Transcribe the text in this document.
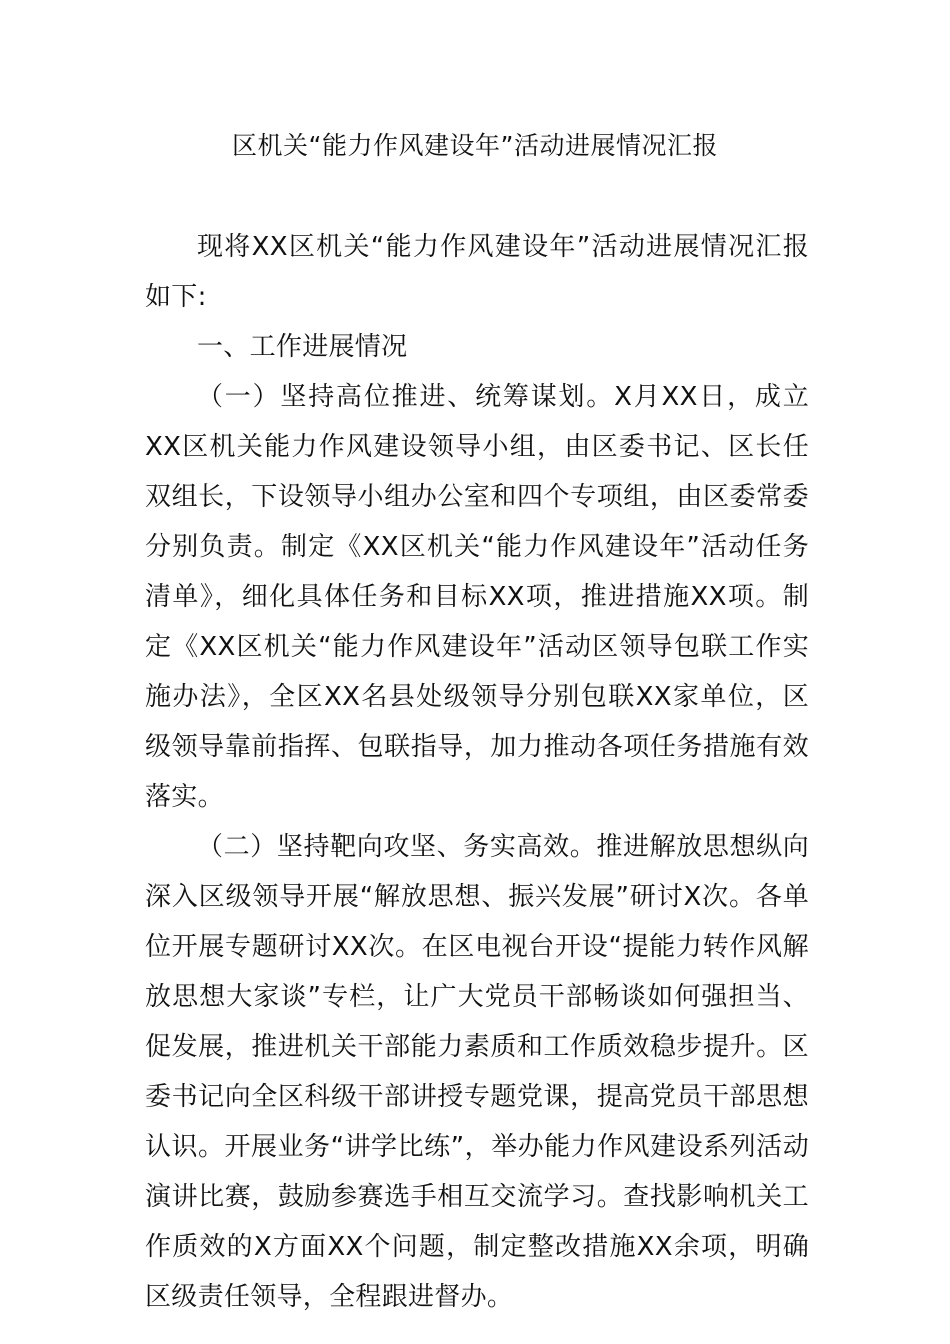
区机关“能力作风建设年”活动进展情况汇报

现将XX区机关“能力作风建设年”活动进展情况汇报如下:

一、工作进展情况

（一）坚持高位推进、统筹谋划。X月XX日，成立XX区机关能力作风建设领导小组，由区委书记、区长任双组长，下设领导小组办公室和四个专项组，由区委常委分别负责。制定《XX区机关“能力作风建设年”活动任务清单》，细化具体任务和目标XX项，推进措施XX项。制定《XX区机关“能力作风建设年”活动区领导包联工作实施办法》，全区XX名县处级领导分别包联XX家单位，区级领导靠前指挥、包联指导，加力推动各项任务措施有效落实。

（二）坚持靶向攻坚、务实高效。推进解放思想纵向深入区级领导开展“解放思想、振兴发展”研讨X次。各单位开展专题研讨XX次。在区电视台开设“提能力转作风解放思想大家谈”专栏，让广大党员干部畅谈如何强担当、促发展，推进机关干部能力素质和工作质效稳步提升。区委书记向全区科级干部讲授专题党课，提高党员干部思想认识。开展业务“讲学比练”，举办能力作风建设系列活动演讲比赛，鼓励参赛选手相互交流学习。查找影响机关工作质效的X方面XX个问题，制定整改措施XX余项，明确区级责任领导，全程跟进督办。
